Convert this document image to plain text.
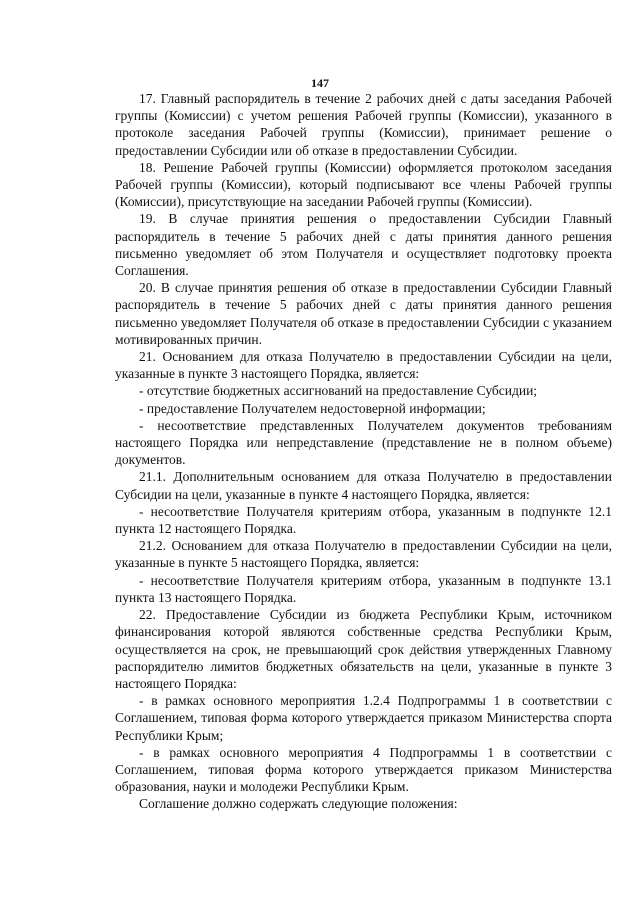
147

17. Главный распорядитель в течение 2 рабочих дней с даты заседания Рабочей группы (Комиссии) с учетом решения Рабочей группы (Комиссии), указанного в протоколе заседания Рабочей группы (Комиссии), принимает решение о предоставлении Субсидии или об отказе в предоставлении Субсидии.

18. Решение Рабочей группы (Комиссии) оформляется протоколом заседания Рабочей группы (Комиссии), который подписывают все члены Рабочей группы (Комиссии), присутствующие на заседании Рабочей группы (Комиссии).

19. В случае принятия решения о предоставлении Субсидии Главный распорядитель в течение 5 рабочих дней с даты принятия данного решения письменно уведомляет об этом Получателя и осуществляет подготовку проекта Соглашения.

20. В случае принятия решения об отказе в предоставлении Субсидии Главный распорядитель в течение 5 рабочих дней с даты принятия данного решения письменно уведомляет Получателя об отказе в предоставлении Субсидии с указанием мотивированных причин.

21. Основанием для отказа Получателю в предоставлении Субсидии на цели, указанные в пункте 3 настоящего Порядка, является:

- отсутствие бюджетных ассигнований на предоставление Субсидии;

- предоставление Получателем недостоверной информации;

- несоответствие представленных Получателем документов требованиям настоящего Порядка или непредставление (представление не в полном объеме) документов.

21.1. Дополнительным основанием для отказа Получателю в предоставлении Субсидии на цели, указанные в пункте 4 настоящего Порядка, является:

- несоответствие Получателя критериям отбора, указанным в подпункте 12.1 пункта 12 настоящего Порядка.

21.2. Основанием для отказа Получателю в предоставлении Субсидии на цели, указанные в пункте 5 настоящего Порядка, является:

- несоответствие Получателя критериям отбора, указанным в подпункте 13.1 пункта 13 настоящего Порядка.

22. Предоставление Субсидии из бюджета Республики Крым, источником финансирования которой являются собственные средства Республики Крым, осуществляется на срок, не превышающий срок действия утвержденных Главному распорядителю лимитов бюджетных обязательств на цели, указанные в пункте 3 настоящего Порядка:

- в рамках основного мероприятия 1.2.4 Подпрограммы 1 в соответствии с Соглашением, типовая форма которого утверждается приказом Министерства спорта Республики Крым;

- в рамках основного мероприятия 4 Подпрограммы 1 в соответствии с Соглашением, типовая форма которого утверждается приказом Министерства образования, науки и молодежи Республики Крым.

Соглашение должно содержать следующие положения:
